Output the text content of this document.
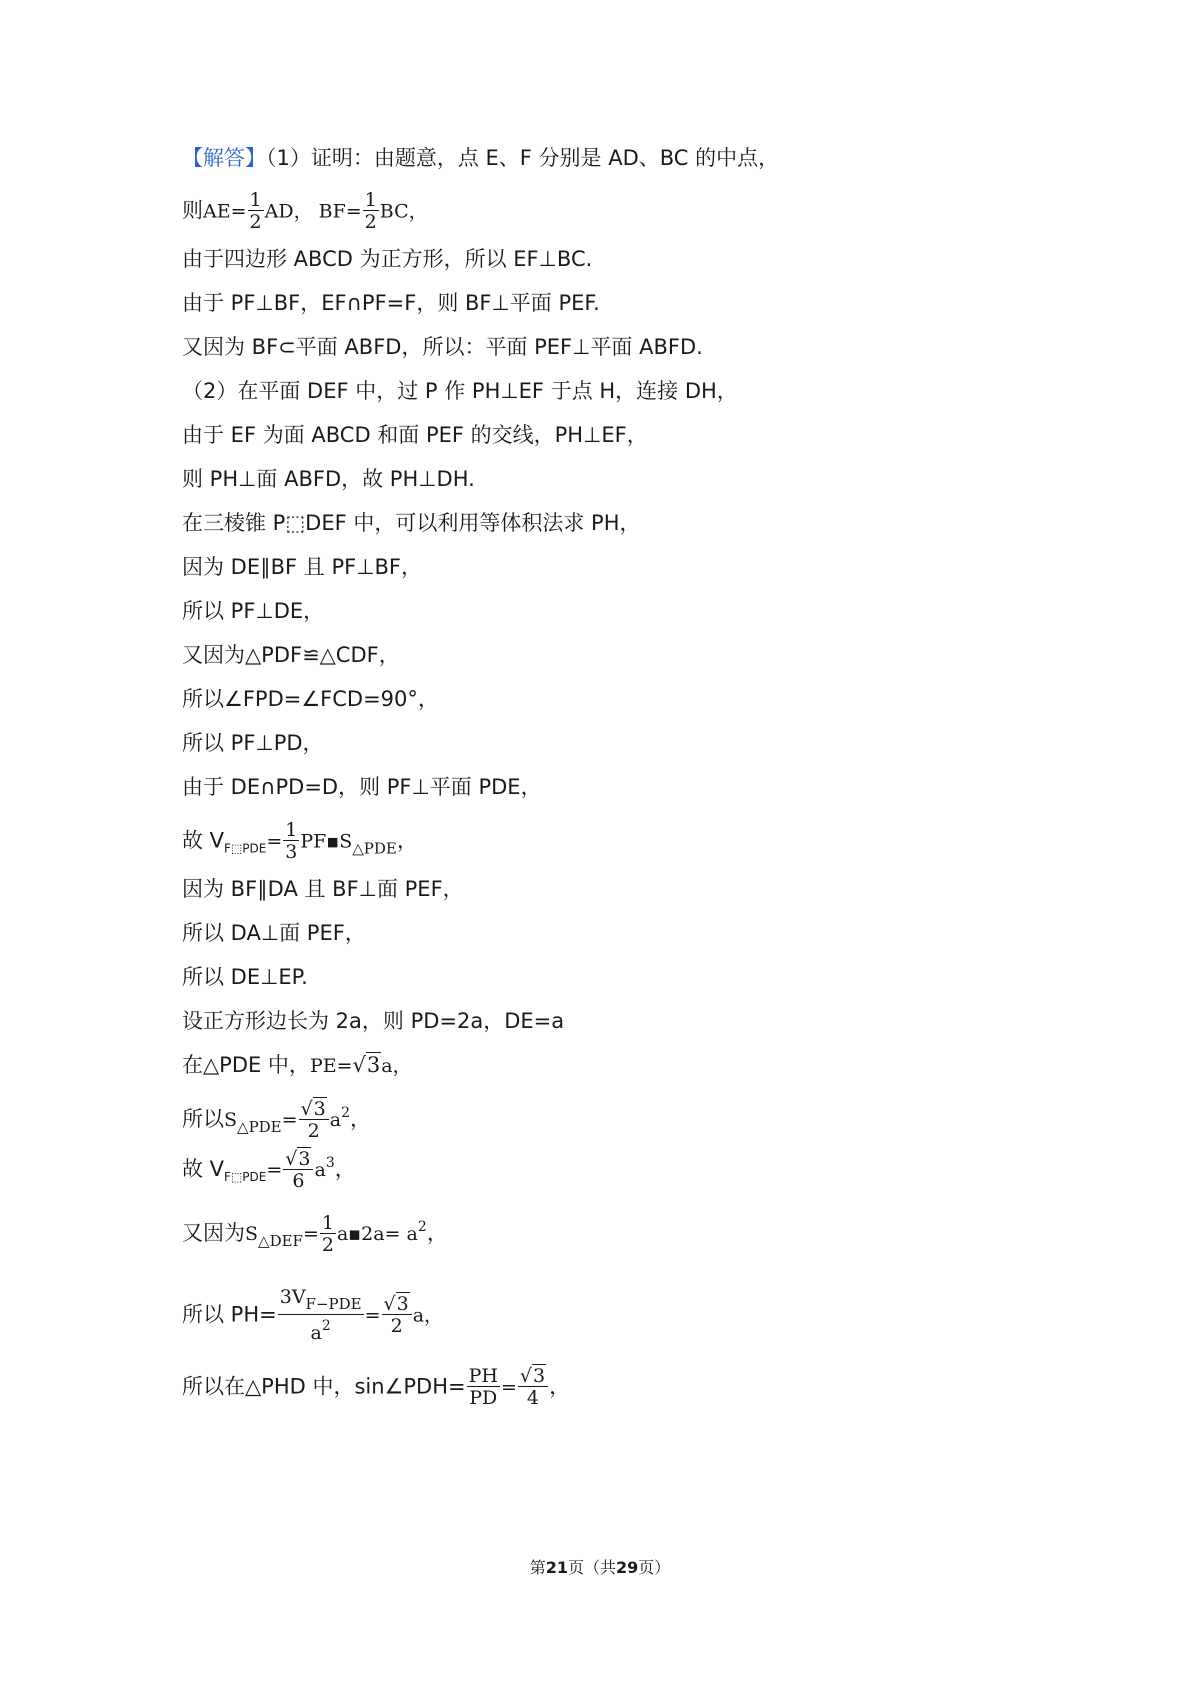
【解答】（1）证明：由题意，点 E、F 分别是 AD、BC 的中点，
则$AE= \frac{1}{2}$ AD， $BF= \frac{1}{2}$ BC，
由于四边形 ABCD 为正方形，所以 EF⊥BC.
由于 PF⊥BF，EF∩PF=F，则 BF⊥平面 PEF.
又因为 BF⊂平面 ABFD，所以：平面 PEF⊥平面 ABFD.
（2）在平面 DEF 中，过 P 作 PH⊥EF 于点 H，连接 DH，
由于 EF 为面 ABCD 和面 PEF 的交线，PH⊥EF，
则 PH⊥面 ABFD，故 PH⊥DH.
在三棱锥 P⬚DEF 中，可以利用等体积法求 PH，
因为 DE∥BF 且 PF⊥BF，
所以 PF⊥DE，
又因为△PDF≌△CDF，
所以∠FPD=∠FCD=90°，
所以 PF⊥PD，
由于 DE∩PD=D，则 PF⊥平面 PDE，
故 $V_{F⬚PDE}= \frac{1}{3}$ $PF▪S_{\triangle PDE}$，
因为 BF∥DA 且 BF⊥面 PEF，
所以 DA⊥面 PEF，
所以 DE⊥EP.
设正方形边长为 2a，则 PD=2a，DE=a
在△PDE 中，PE=√3a，
所以$S_{\triangle PDE}= \frac{√3}{2} a^2$，
故 $V_{F⬚PDE}= \frac{√3}{6} a^3$，
又因为$S_{\triangle DEF}= \frac{1}{2}$ a▪2a= $a^2$，
所以 $PH= \frac{3V_{F-PDE}}{a^2} = \frac{√3}{2}$ a，
所以在△PHD 中，sin∠PDH= $\frac{PH}{PD} = \frac{√3}{4}$ ，
第21页（共29页）
